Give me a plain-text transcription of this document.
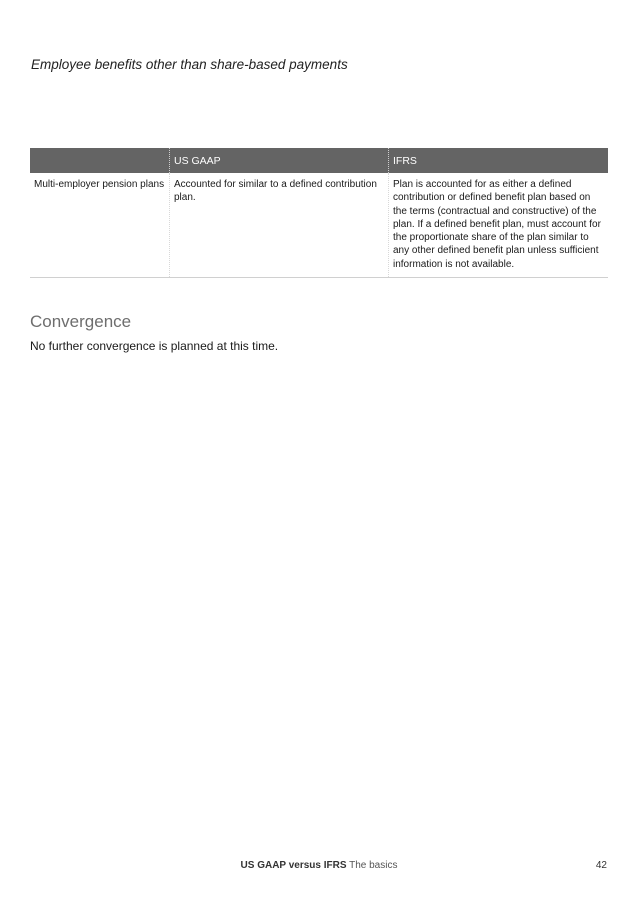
Employee benefits other than share-based payments
	US GAAP	IFRS
Multi-employer pension plans	Accounted for similar to a defined contribution plan.	Plan is accounted for as either a defined contribution or defined benefit plan based on the terms (contractual and constructive) of the plan. If a defined benefit plan, must account for the proportionate share of the plan similar to any other defined benefit plan unless sufficient information is not available.
Convergence

No further convergence is planned at this time.

US GAAP versus IFRS The basics	42
